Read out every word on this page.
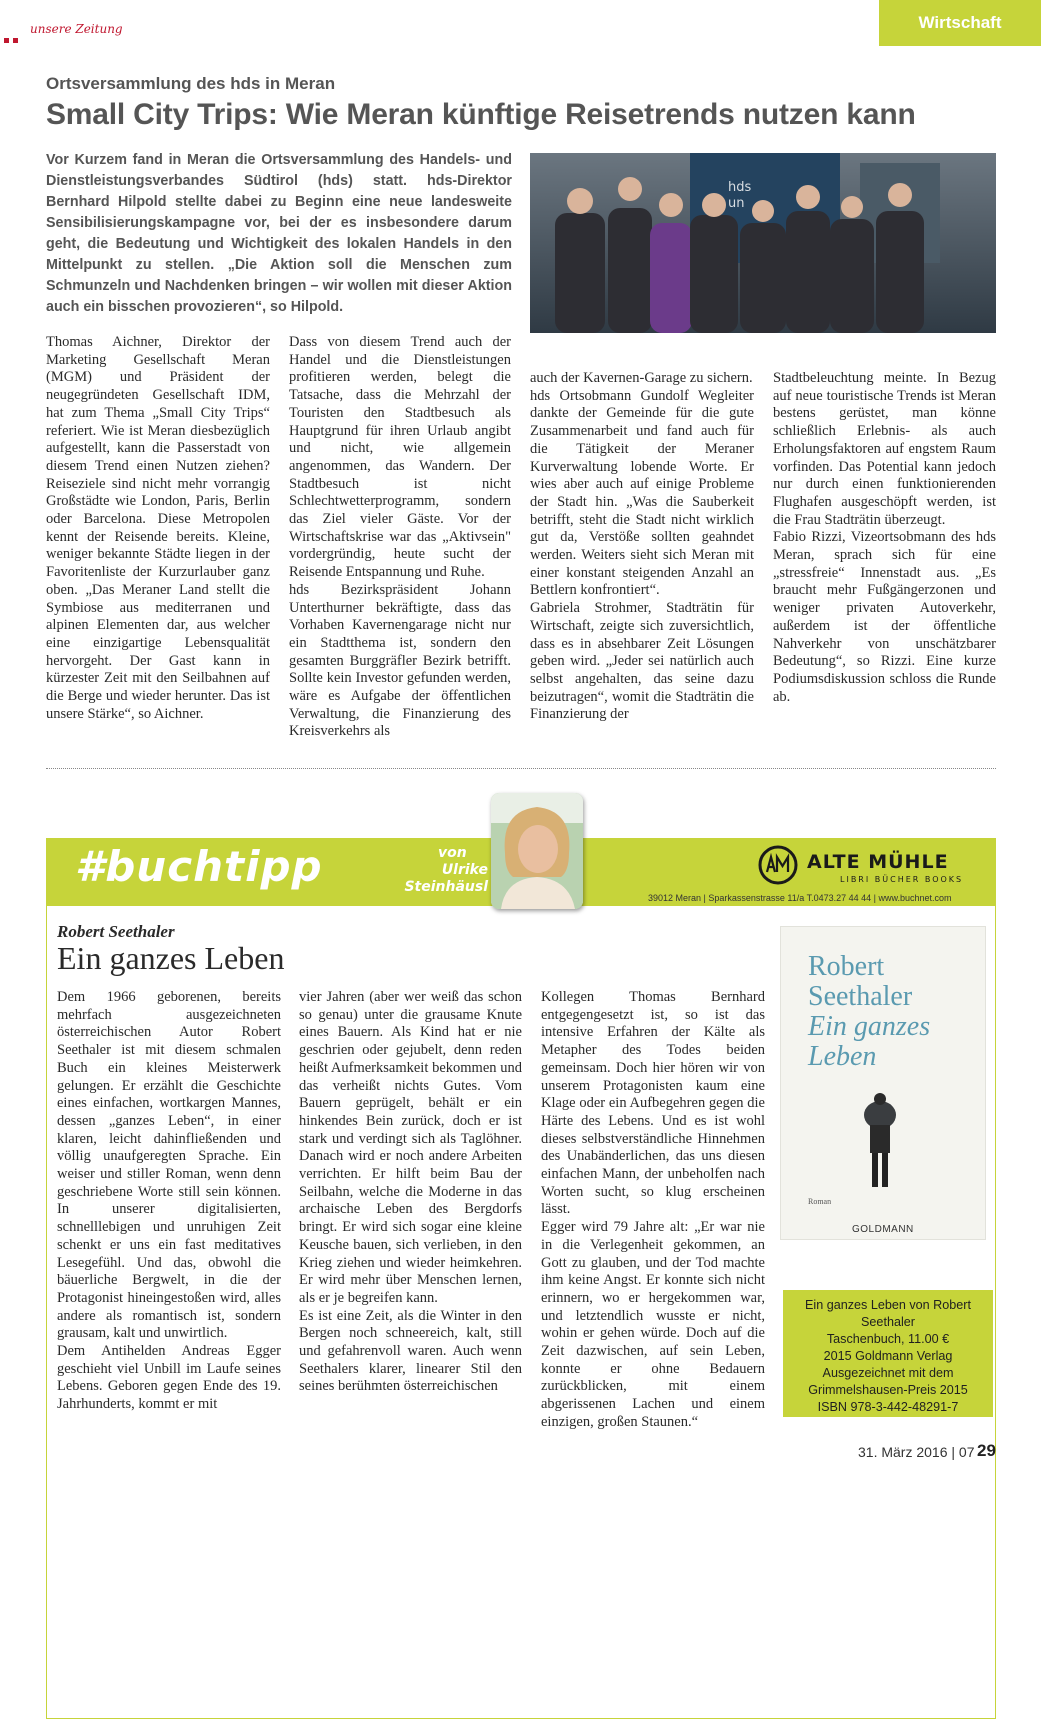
unsere Zeitung	Wirtschaft
Ortsversammlung des hds in Meran
Small City Trips: Wie Meran künftige Reisetrends nutzen kann
Vor Kurzem fand in Meran die Ortsversammlung des Handels- und Dienstleistungsverbandes Südtirol (hds) statt. hds-Direktor Bernhard Hilpold stellte dabei zu Beginn eine neue landesweite Sensibilisierungskampagne vor, bei der es insbesondere darum geht, die Bedeutung und Wichtigkeit des lokalen Handels in den Mittelpunkt zu stellen. „Die Aktion soll die Menschen zum Schmunzeln und Nachdenken bringen – wir wollen mit dieser Aktion auch ein bisschen provozieren“, so Hilpold.
hds un

Thomas Aichner, Direktor der Marketing Gesellschaft Meran (MGM) und Präsident der neugegründeten Gesellschaft IDM, hat zum Thema „Small City Trips“ referiert. Wie ist Meran diesbezüglich aufgestellt, kann die Passerstadt von diesem Trend einen Nutzen ziehen? Reiseziele sind nicht mehr vorrangig Großstädte wie London, Paris, Berlin oder Barcelona. Diese Metropolen kennt der Reisende bereits. Kleine, weniger bekannte Städte liegen in der Favoritenliste der Kurzurlauber ganz oben. „Das Meraner Land stellt die Symbiose aus mediterranen und alpinen Elementen dar, aus welcher eine einzigartige Lebensqualität hervorgeht. Der Gast kann in kürzester Zeit mit den Seilbahnen auf die Berge und wieder herunter. Das ist unsere Stärke“, so Aichner.

Dass von diesem Trend auch der Handel und die Dienstleistungen profitieren werden, belegt die Tatsache, dass die Mehrzahl der Touristen den Stadtbesuch als Hauptgrund für ihren Urlaub angibt und nicht, wie allgemein angenommen, das Wandern. Der Stadtbesuch ist nicht Schlechtwetterprogramm, sondern das Ziel vieler Gäste. Vor der Wirtschaftskrise war das „Aktivsein" vordergründig, heute sucht der Reisende Entspannung und Ruhe.

hds Bezirkspräsident Johann Unterthurner bekräftigte, dass das Vorhaben Kavernengarage nicht nur ein Stadtthema ist, sondern den gesamten Burggräfler Bezirk betrifft. Sollte kein Investor gefunden werden, wäre es Aufgabe der öffentlichen Verwaltung, die Finanzierung des Kreisverkehrs als

auch der Kavernen-Garage zu sichern.

hds Ortsobmann Gundolf Wegleiter dankte der Gemeinde für die gute Zusammenarbeit und fand auch für die Tätigkeit der Meraner Kurverwaltung lobende Worte. Er wies aber auch auf einige Probleme der Stadt hin. „Was die Sauberkeit betrifft, steht die Stadt nicht wirklich gut da, Verstöße sollten geahndet werden. Weiters sieht sich Meran mit einer konstant steigenden Anzahl an Bettlern konfrontiert“.

Gabriela Strohmer, Stadträtin für Wirtschaft, zeigte sich zuversichtlich, dass es in absehbarer Zeit Lösungen geben wird. „Jeder sei natürlich auch selbst angehalten, das seine dazu beizutragen“, womit die Stadträtin die Finanzierung der

Stadtbeleuchtung meinte. In Bezug auf neue touristische Trends ist Meran bestens gerüstet, man könne schließlich Erlebnis- als auch Erholungsfaktoren auf engstem Raum vorfinden. Das Potential kann jedoch nur durch einen funktionierenden Flughafen ausgeschöpft werden, ist die Frau Stadträtin überzeugt.

Fabio Rizzi, Vizeortsobmann des hds Meran, sprach sich für eine „stressfreie“ Innenstadt aus. „Es braucht mehr Fußgängerzonen und weniger privaten Autoverkehr, außerdem ist der öffentliche Nahverkehr von unschätzbarer Bedeutung“, so Rizzi. Eine kurze Podiumsdiskussion schloss die Runde ab.

#buchtipp	von
Ulrike
Steinhäusl
ALTE MÜHLE
LIBRI BÜCHER BOOKS
39012 Meran | Sparkassenstrasse 11/a T.0473.27 44 44 | www.buchnet.com
Robert Seethaler
Ein ganzes Leben

Dem 1966 geborenen, bereits mehrfach ausgezeichneten österreichischen Autor Robert Seethaler ist mit diesem schmalen Buch ein kleines Meisterwerk gelungen. Er erzählt die Geschichte eines einfachen, wortkargen Mannes, dessen „ganzes Leben“, in einer klaren, leicht dahinfließenden und völlig unaufgeregten Sprache. Ein weiser und stiller Roman, wenn denn geschriebene Worte still sein können. In unserer digitalisierten, schnelllebigen und unruhigen Zeit schenkt er uns ein fast meditatives Lesegefühl. Und das, obwohl die bäuerliche Bergwelt, in die der Protagonist hineingestoßen wird, alles andere als romantisch ist, sondern grausam, kalt und unwirtlich.

Dem Antihelden Andreas Egger geschieht viel Unbill im Laufe seines Lebens. Geboren gegen Ende des 19. Jahrhunderts, kommt er mit

vier Jahren (aber wer weiß das schon so genau) unter die grausame Knute eines Bauern. Als Kind hat er nie geschrien oder gejubelt, denn reden heißt Aufmerksamkeit bekommen und das verheißt nichts Gutes. Vom Bauern geprügelt, behält er ein hinkendes Bein zurück, doch er ist stark und verdingt sich als Taglöhner. Danach wird er noch andere Arbeiten verrichten. Er hilft beim Bau der Seilbahn, welche die Moderne in das archaische Leben des Bergdorfs bringt. Er wird sich sogar eine kleine Keusche bauen, sich verlieben, in den Krieg ziehen und wieder heimkehren. Er wird mehr über Menschen lernen, als er je begreifen kann.

Es ist eine Zeit, als die Winter in den Bergen noch schneereich, kalt, still und gefahrenvoll waren. Auch wenn Seethalers klarer, linearer Stil den seines berühmten österreichischen

Kollegen Thomas Bernhard entgegengesetzt ist, so ist das intensive Erfahren der Kälte als Metapher des Todes beiden gemeinsam. Doch hier hören wir von unserem Protagonisten kaum eine Klage oder ein Aufbegehren gegen die Härte des Lebens. Und es ist wohl dieses selbstverständliche Hinnehmen des Unabänderlichen, das uns diesen einfachen Mann, der unbeholfen nach Worten sucht, so klug erscheinen lässt.

Egger wird 79 Jahre alt: „Er war nie in die Verlegenheit gekommen, an Gott zu glauben, und der Tod machte ihm keine Angst. Er konnte sich nicht erinnern, wo er hergekommen war, und letztendlich wusste er nicht, wohin er gehen würde. Doch auf die Zeit dazwischen, auf sein Leben, konnte er ohne Bedauern zurückblicken, mit einem abgerissenen Lachen und einem einzigen, großen Staunen.“

Robert
Seethaler
Ein ganzes
Leben
Roman
GOLDMANN
Ein ganzes Leben von Robert Seethaler
Taschenbuch, 11.00 €
2015 Goldmann Verlag
Ausgezeichnet mit dem
Grimmelshausen-Preis 2015
ISBN 978-3-442-48291-7
31. März 2016 | 07 29
